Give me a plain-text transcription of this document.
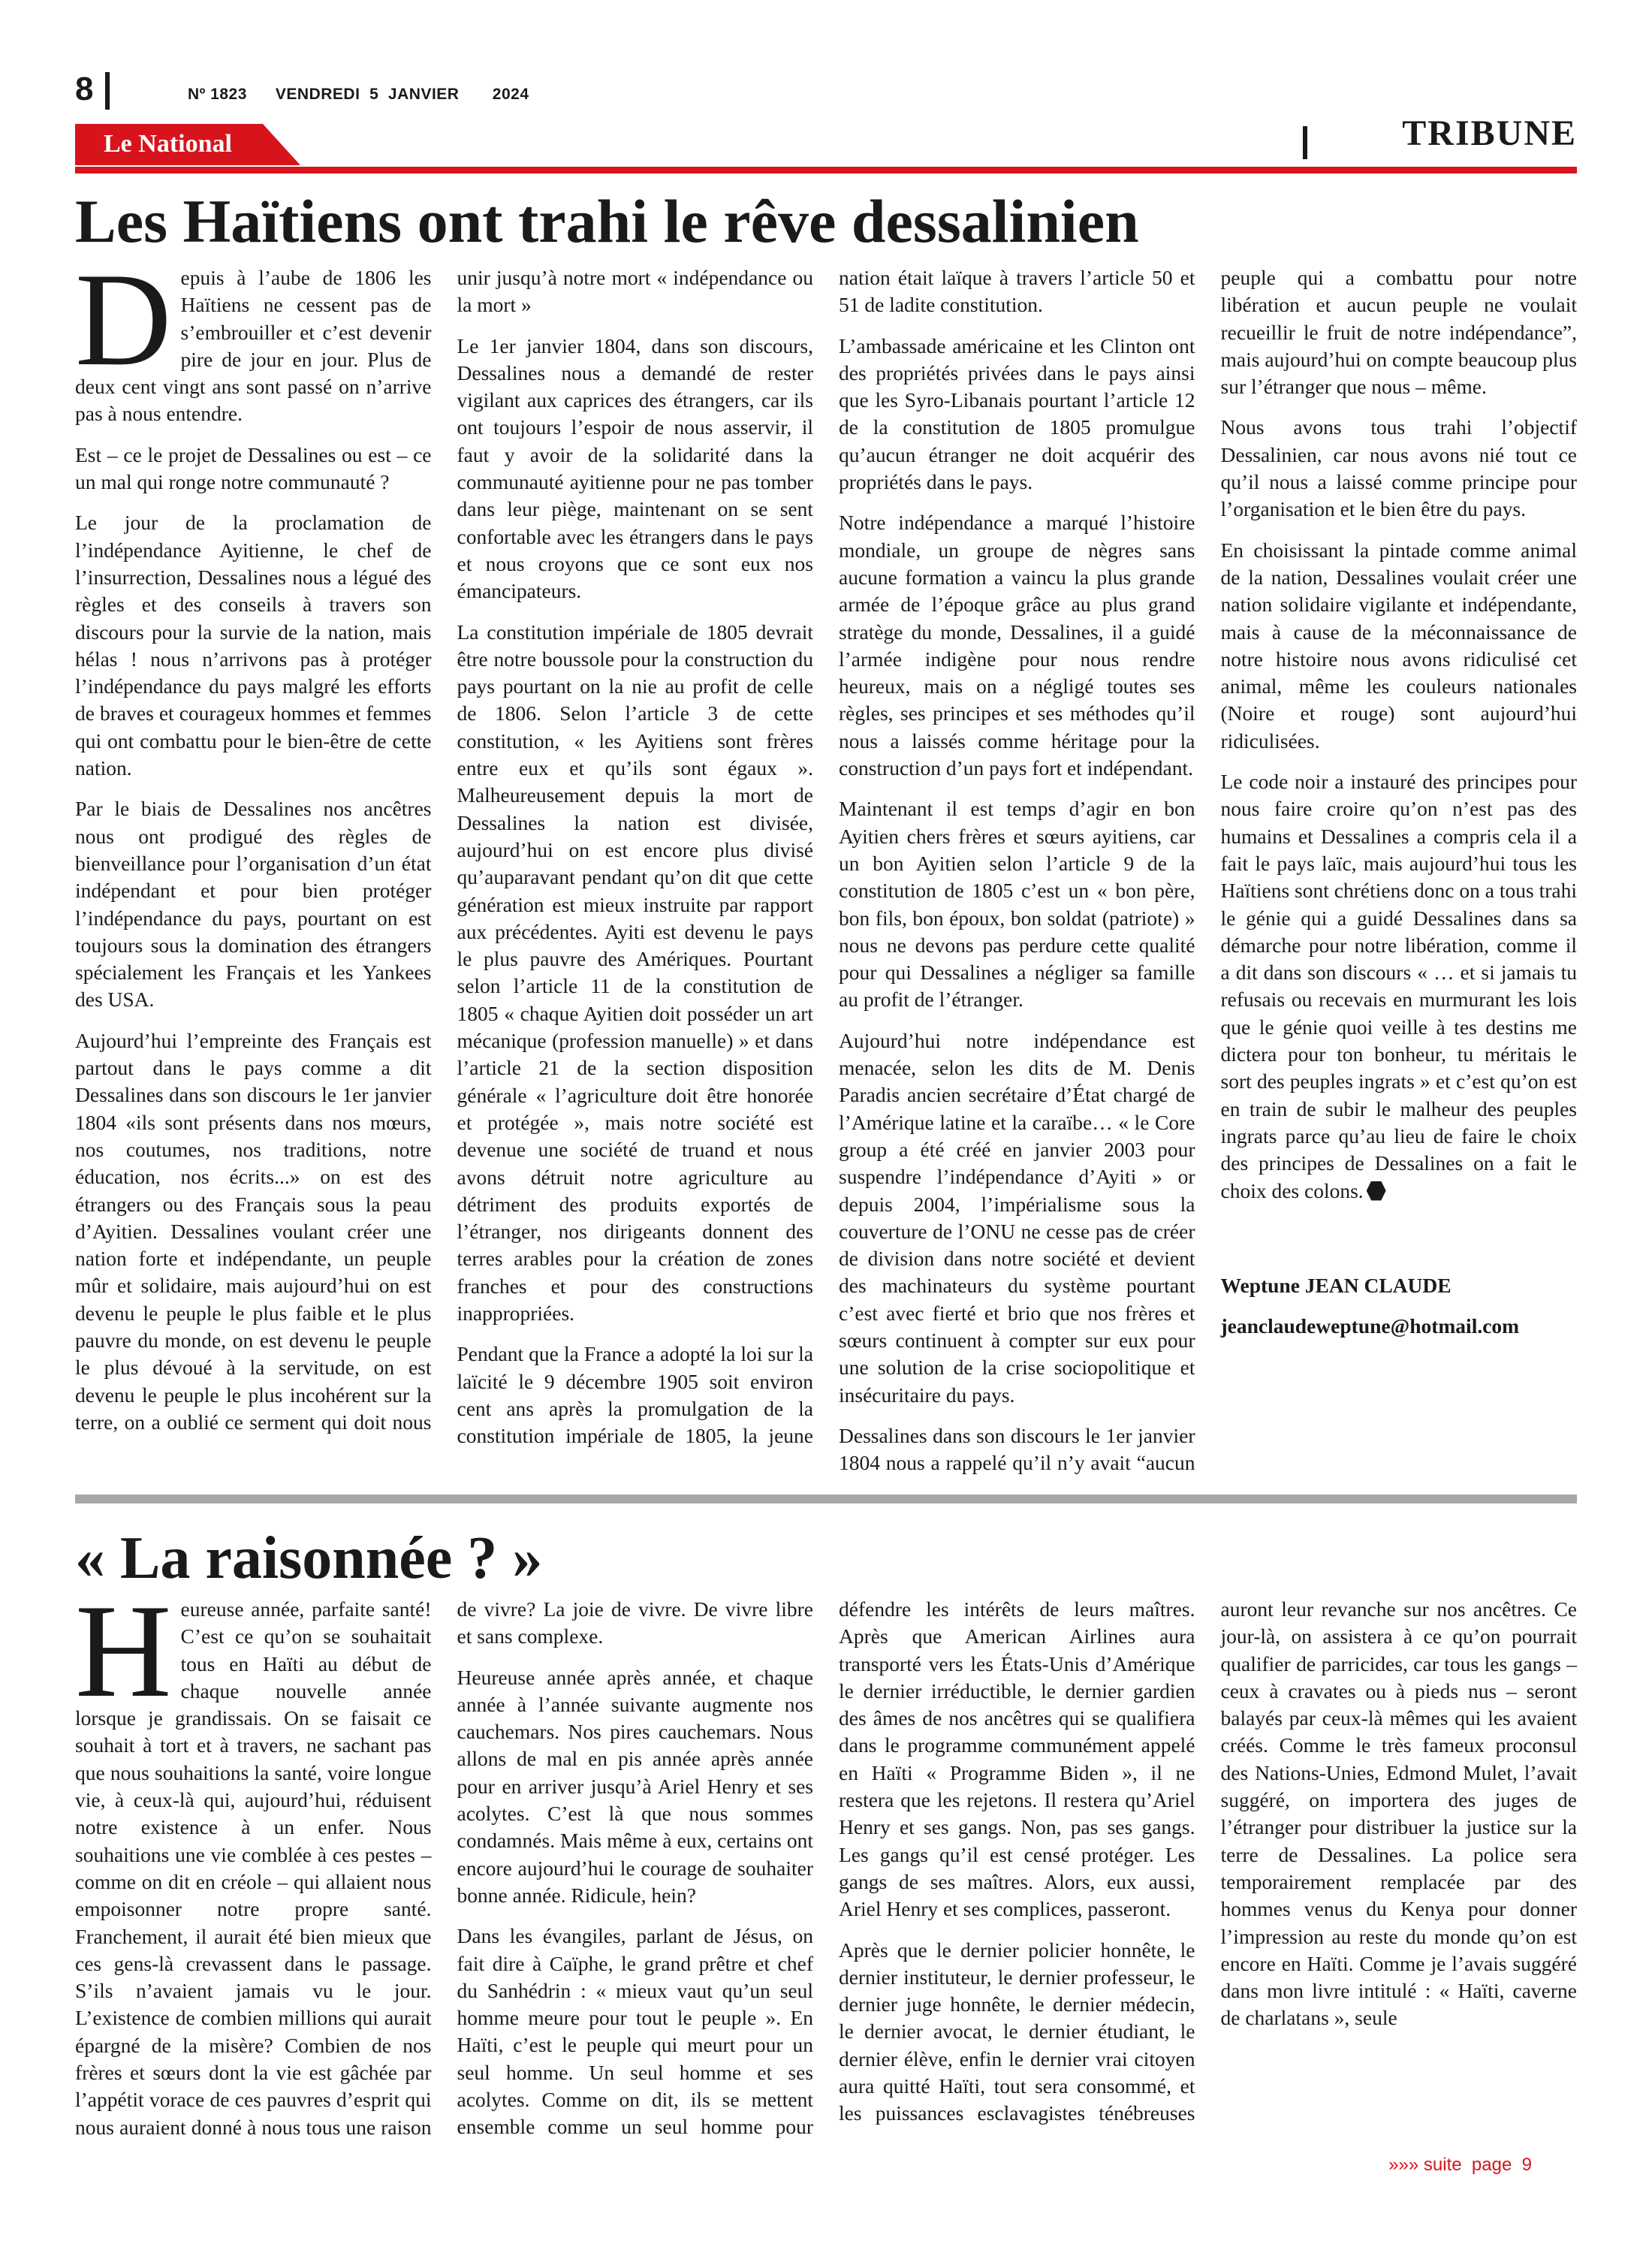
8	Nº 1823      VENDREDI  5  JANVIER       2024
Le National	TRIBUNE
Les Haïtiens ont trahi le rêve dessalinien

Depuis à l’aube de 1806 les Haïtiens ne cessent pas de s’embrouiller et c’est devenir pire de jour en jour. Plus de deux cent vingt ans sont passé on n’arrive pas à nous entendre.

Est – ce le projet de Dessalines ou est – ce un mal qui ronge notre communauté ?

Le jour de la proclamation de l’indépendance Ayitienne, le chef de l’insurrection, Dessalines nous a légué des règles et des conseils à travers son discours pour la survie de la nation, mais hélas ! nous n’arrivons pas à protéger l’indépendance du pays malgré les efforts de braves et courageux hommes et femmes qui ont combattu pour le bien-être de cette nation.

Par le biais de Dessalines nos ancêtres nous ont prodigué des règles de bienveillance pour l’organisation d’un état indépendant et pour bien protéger l’indépendance du pays, pourtant on est toujours sous la domination des étrangers spécialement les Français et les Yankees des USA.

Aujourd’hui l’empreinte des Français est partout dans le pays comme a dit Dessalines dans son discours le 1er janvier 1804 «ils sont présents dans nos mœurs, nos coutumes, nos traditions, notre éducation, nos écrits...» on est des étrangers ou des Français sous la peau d’Ayitien. Dessalines voulant créer une nation forte et indépendante, un peuple mûr et solidaire, mais aujourd’hui on est devenu le peuple le plus faible et le plus pauvre du monde, on est devenu le peuple le plus dévoué à la servitude, on est devenu le peuple le plus incohérent sur la terre, on a oublié ce serment qui doit nous unir jusqu’à notre mort « indépendance ou la mort »

Le 1er janvier 1804, dans son discours, Dessalines nous a demandé de rester vigilant aux caprices des étrangers, car ils ont toujours l’espoir de nous asservir, il faut y avoir de la solidarité dans la communauté ayitienne pour ne pas tomber dans leur piège, maintenant on se sent confortable avec les étrangers dans le pays et nous croyons que ce sont eux nos émancipateurs.

La constitution impériale de 1805 devrait être notre boussole pour la construction du pays pourtant on la nie au profit de celle de 1806. Selon l’article 3 de cette constitution, « les Ayitiens sont frères entre eux et qu’ils sont égaux ». Malheureusement depuis la mort de Dessalines la nation est divisée, aujourd’hui on est encore plus divisé qu’auparavant pendant qu’on dit que cette génération est mieux instruite par rapport aux précédentes. Ayiti est devenu le pays le plus pauvre des Amériques. Pourtant selon l’article 11 de la constitution de 1805 « chaque Ayitien doit posséder un art mécanique (profession manuelle) » et dans l’article 21 de la section disposition générale « l’agriculture doit être honorée et protégée », mais notre société est devenue une société de truand et nous avons détruit notre agriculture au détriment des produits exportés de l’étranger, nos dirigeants donnent des terres arables pour la création de zones franches et pour des constructions inappropriées.

Pendant que la France a adopté la loi sur la laïcité le 9 décembre 1905 soit environ cent ans après la promulgation de la constitution impériale de 1805, la jeune nation était laïque à travers l’article 50 et 51 de ladite constitution.

L’ambassade américaine et les Clinton ont des propriétés privées dans le pays ainsi que les Syro-Libanais pourtant l’article 12 de la constitution de 1805 promulgue qu’aucun étranger ne doit acquérir des propriétés dans le pays.

Notre indépendance a marqué l’histoire mondiale, un groupe de nègres sans aucune formation a vaincu la plus grande armée de l’époque grâce au plus grand stratège du monde, Dessalines, il a guidé l’armée indigène pour nous rendre heureux, mais on a négligé toutes ses règles, ses principes et ses méthodes qu’il nous a laissés comme héritage pour la construction d’un pays fort et indépendant.

Maintenant il est temps d’agir en bon Ayitien chers frères et sœurs ayitiens, car un bon Ayitien selon l’article 9 de la constitution de 1805 c’est un « bon père, bon fils, bon époux, bon soldat (patriote) » nous ne devons pas perdure cette qualité pour qui Dessalines a négliger sa famille au profit de l’étranger.

Aujourd’hui notre indépendance est menacée, selon les dits de M. Denis Paradis ancien secrétaire d’État chargé de l’Amérique latine et la caraïbe… « le Core group a été créé en janvier 2003 pour suspendre l’indépendance d’Ayiti » or depuis 2004, l’impérialisme sous la couverture de l’ONU ne cesse pas de créer de division dans notre société et devient des machinateurs du système pourtant c’est avec fierté et brio que nos frères et sœurs continuent à compter sur eux pour une solution de la crise sociopolitique et insécuritaire du pays.

Dessalines dans son discours le 1er janvier 1804 nous a rappelé qu’il n’y avait “aucun peuple qui a combattu pour notre libération et aucun peuple ne voulait recueillir le fruit de notre indépendance”, mais aujourd’hui on compte beaucoup plus sur l’étranger que nous – même.

Nous avons tous trahi l’objectif Dessalinien, car nous avons nié tout ce qu’il nous a laissé comme principe pour l’organisation et le bien être du pays.

En choisissant la pintade comme animal de la nation, Dessalines voulait créer une nation solidaire vigilante et indépendante, mais à cause de la méconnaissance de notre histoire nous avons ridiculisé cet animal, même les couleurs nationales (Noire et rouge) sont aujourd’hui ridiculisées.

Le code noir a instauré des principes pour nous faire croire qu’on n’est pas des humains et Dessalines a compris cela il a fait le pays laïc, mais aujourd’hui tous les Haïtiens sont chrétiens donc on a tous trahi le génie qui a guidé Dessalines dans sa démarche pour notre libération, comme il a dit dans son discours « … et si jamais tu refusais ou recevais en murmurant les lois que le génie quoi veille à tes destins me dictera pour ton bonheur, tu méritais le sort des peuples ingrats » et c’est qu’on est en train de subir le malheur des peuples ingrats parce qu’au lieu de faire le choix des principes de Dessalines on a fait le choix des colons.

Weptune JEAN CLAUDE

jeanclaudeweptune@hotmail.com

« La raisonnée ? »

Heureuse année, parfaite santé! C’est ce qu’on se souhaitait tous en Haïti au début de chaque nouvelle année lorsque je grandissais. On se faisait ce souhait à tort et à travers, ne sachant pas que nous souhaitions la santé, voire longue vie, à ceux-là qui, aujourd’hui, réduisent notre existence à un enfer. Nous souhaitions une vie comblée à ces pestes – comme on dit en créole – qui allaient nous empoisonner notre propre santé. Franchement, il aurait été bien mieux que ces gens-là crevassent dans le passage. S’ils n’avaient jamais vu le jour. L’existence de combien millions qui aurait épargné de la misère? Combien de nos frères et sœurs dont la vie est gâchée par l’appétit vorace de ces pauvres d’esprit qui nous auraient donné à nous tous une raison de vivre? La joie de vivre. De vivre libre et sans complexe.

Heureuse année après année, et chaque année à l’année suivante augmente nos cauchemars. Nos pires cauchemars. Nous allons de mal en pis année après année pour en arriver jusqu’à Ariel Henry et ses acolytes. C’est là que nous sommes condamnés. Mais même à eux, certains ont encore aujourd’hui le courage de souhaiter bonne année. Ridicule, hein?

Dans les évangiles, parlant de Jésus, on fait dire à Caïphe, le grand prêtre et chef du Sanhédrin : « mieux vaut qu’un seul homme meure pour tout le peuple ». En Haïti, c’est le peuple qui meurt pour un seul homme. Un seul homme et ses acolytes. Comme on dit, ils se mettent ensemble comme un seul homme pour défendre les intérêts de leurs maîtres. Après que American Airlines aura transporté vers les États-Unis d’Amérique le dernier irréductible, le dernier gardien des âmes de nos ancêtres qui se qualifiera dans le programme communément appelé en Haïti « Programme Biden », il ne restera que les rejetons. Il restera qu’Ariel Henry et ses gangs. Non, pas ses gangs. Les gangs qu’il est censé protéger. Les gangs de ses maîtres. Alors, eux aussi, Ariel Henry et ses complices, passeront.

Après que le dernier policier honnête, le dernier instituteur, le dernier professeur, le dernier juge honnête, le dernier médecin, le dernier avocat, le dernier étudiant, le dernier élève, enfin le dernier vrai citoyen aura quitté Haïti, tout sera consommé, et les puissances esclavagistes ténébreuses auront leur revanche sur nos ancêtres. Ce jour-là, on assistera à ce qu’on pourrait qualifier de parricides, car tous les gangs – ceux à cravates ou à pieds nus – seront balayés par ceux-là mêmes qui les avaient créés. Comme le très fameux proconsul des Nations-Unies, Edmond Mulet, l’avait suggéré, on importera des juges de l’étranger pour distribuer la justice sur la terre de Dessalines. La police sera temporairement remplacée par des hommes venus du Kenya pour donner l’impression au reste du monde qu’on est encore en Haïti. Comme je l’avais suggéré dans mon livre intitulé : « Haïti, caverne de charlatans », seule

»»» suite  page  9
